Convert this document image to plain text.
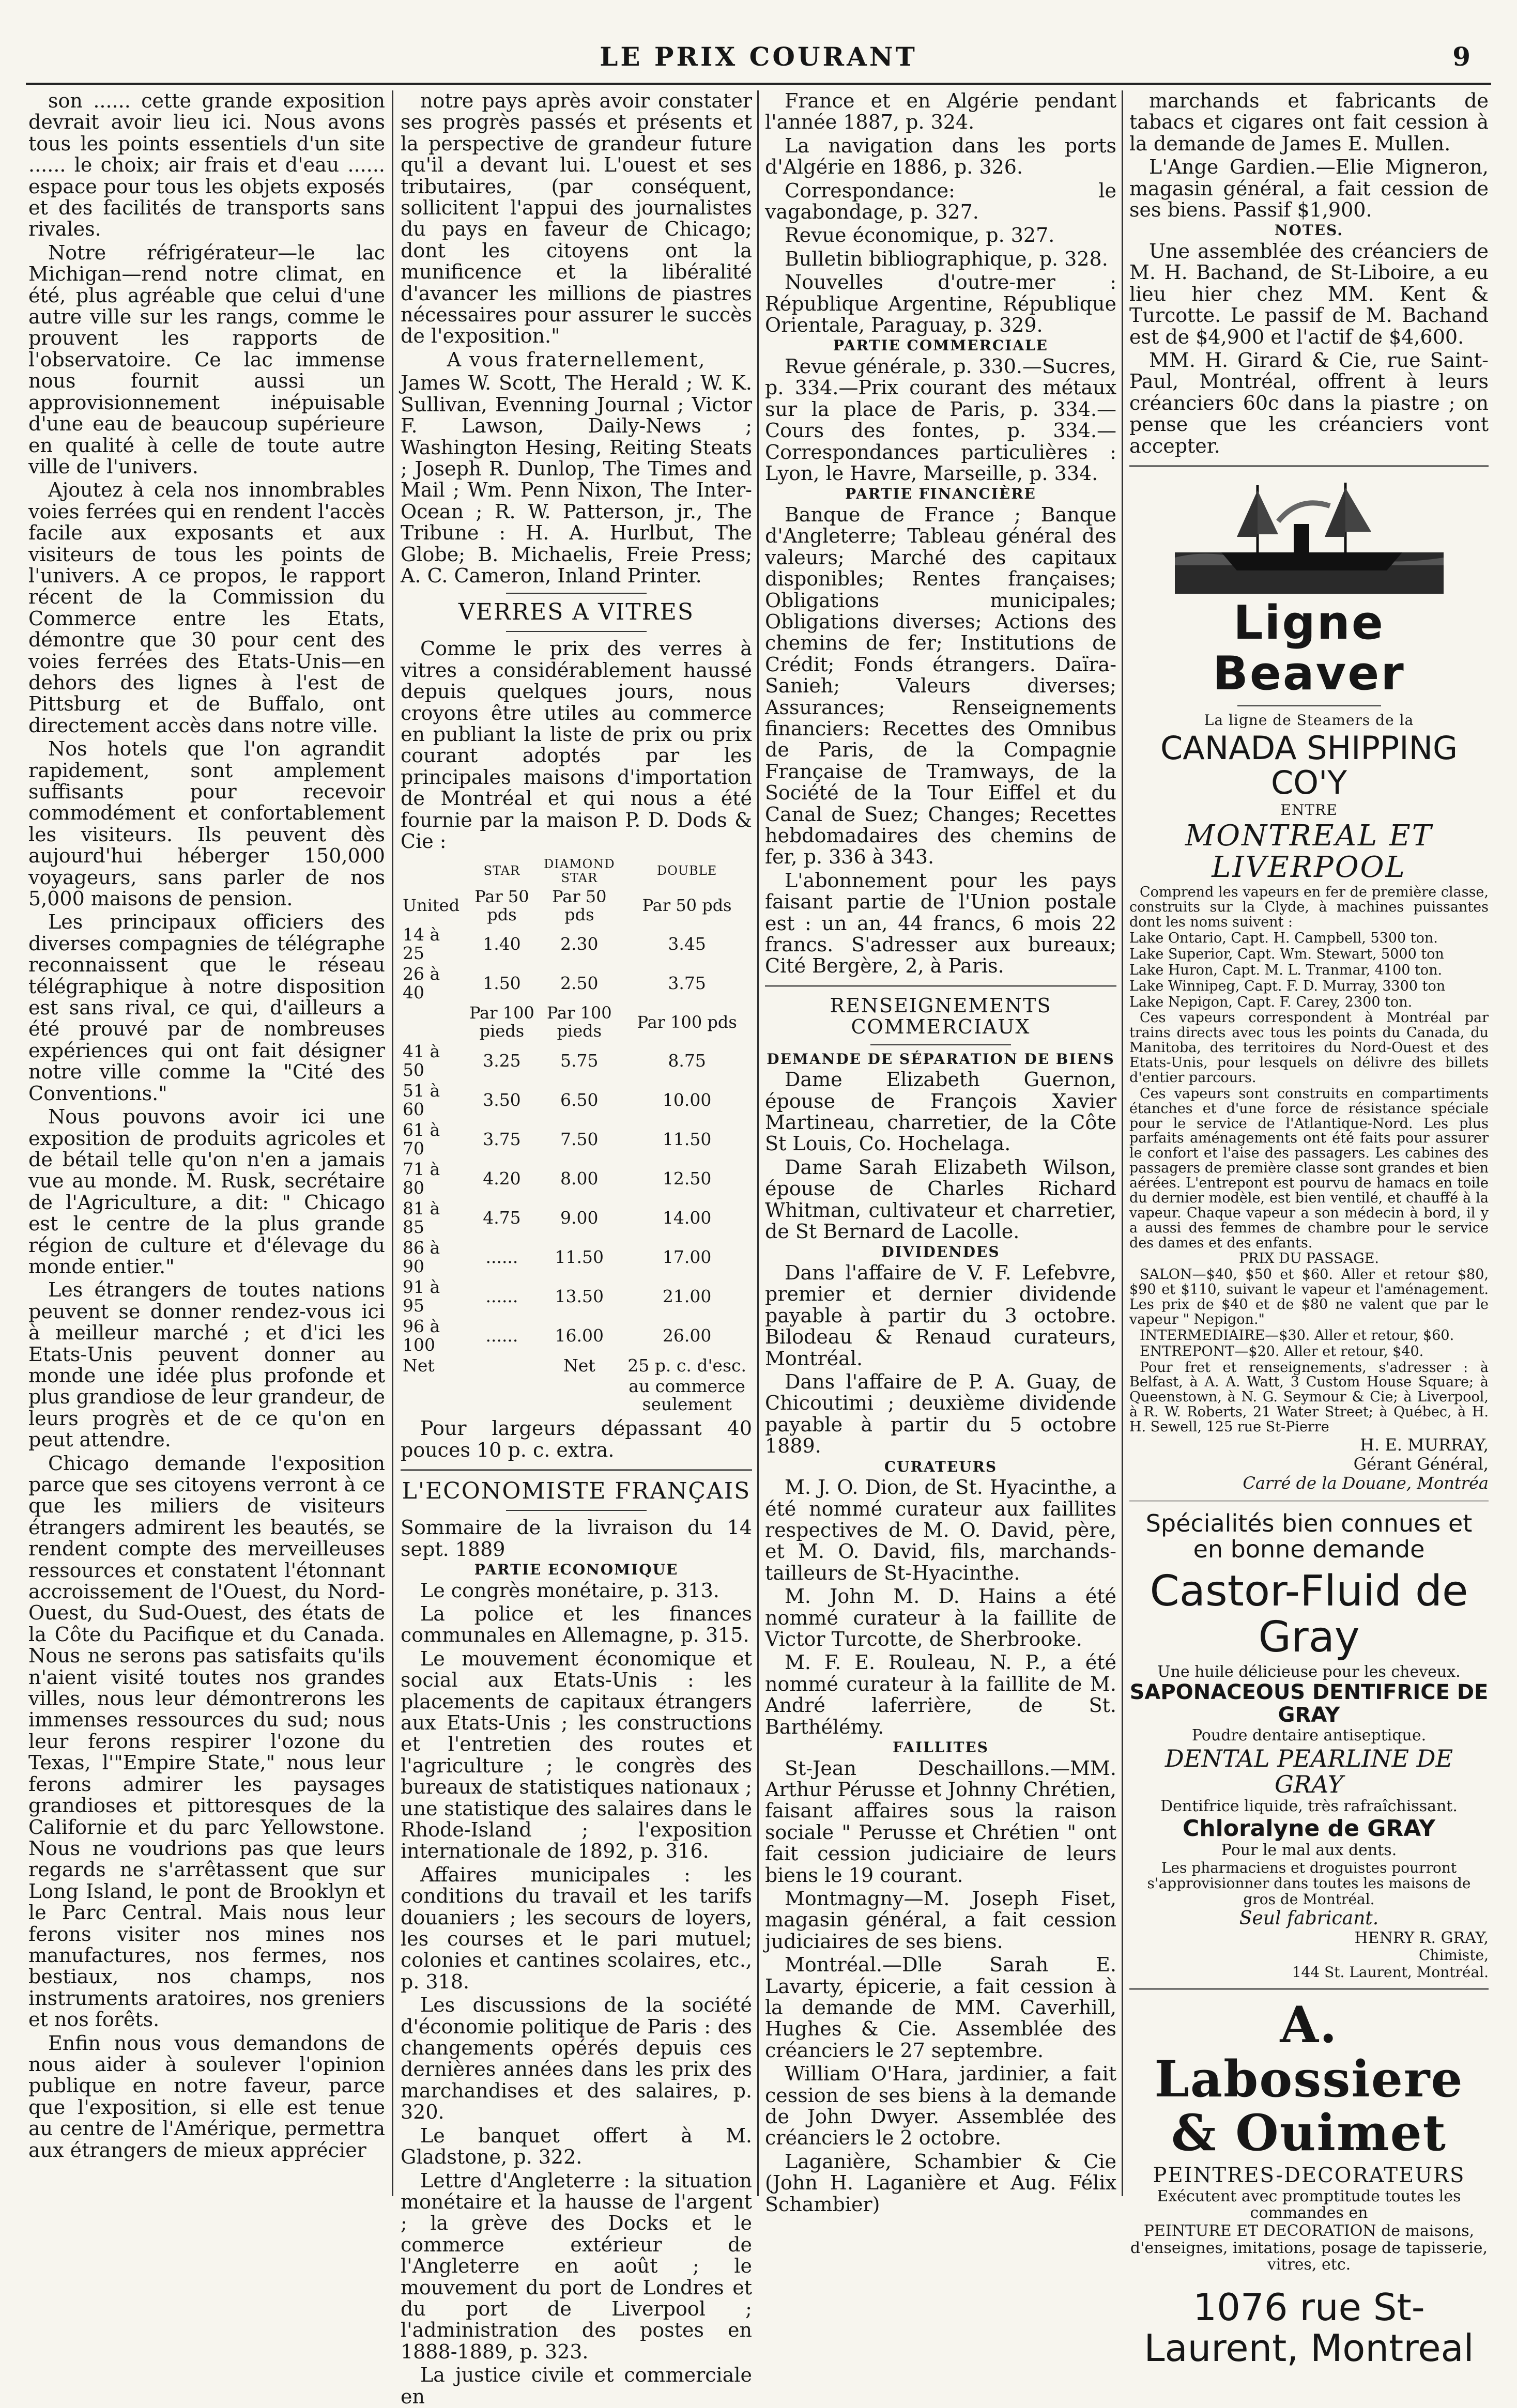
LE PRIX COURANT	9

son ...... cette grande exposition devrait avoir lieu ici. Nous avons tous les points essentiels d'un site ...... le choix; air frais et d'eau ...... espace pour tous les objets exposés et des facilités de transports sans rivales.

Notre réfrigérateur—le lac Michigan—rend notre climat, en été, plus agréable que celui d'une autre ville sur les rangs, comme le prouvent les rapports de l'observatoire. Ce lac immense nous fournit aussi un approvisionnement inépuisable d'une eau de beaucoup supérieure en qualité à celle de toute autre ville de l'univers.

Ajoutez à cela nos innombrables voies ferrées qui en rendent l'accès facile aux exposants et aux visiteurs de tous les points de l'univers. A ce propos, le rapport récent de la Commission du Commerce entre les Etats, démontre que 30 pour cent des voies ferrées des Etats-Unis—en dehors des lignes à l'est de Pittsburg et de Buffalo, ont directement accès dans notre ville.

Nos hotels que l'on agrandit rapidement, sont amplement suffisants pour recevoir commodément et confortablement les visiteurs. Ils peuvent dès aujourd'hui héberger 150,000 voyageurs, sans parler de nos 5,000 maisons de pension.

Les principaux officiers des diverses compagnies de télégraphe reconnaissent que le réseau télégraphique à notre disposition est sans rival, ce qui, d'ailleurs a été prouvé par de nombreuses expériences qui ont fait désigner notre ville comme la "Cité des Conventions."

Nous pouvons avoir ici une exposition de produits agricoles et de bétail telle qu'on n'en a jamais vue au monde. M. Rusk, secrétaire de l'Agriculture, a dit: " Chicago est le centre de la plus grande région de culture et d'élevage du monde entier."

Les étrangers de toutes nations peuvent se donner rendez-vous ici à meilleur marché ; et d'ici les Etats-Unis peuvent donner au monde une idée plus profonde et plus grandiose de leur grandeur, de leurs progrès et de ce qu'on en peut attendre.

Chicago demande l'exposition parce que ses citoyens verront à ce que les miliers de visiteurs étrangers admirent les beautés, se rendent compte des merveilleuses ressources et constatent l'étonnant accroissement de l'Ouest, du Nord-Ouest, du Sud-Ouest, des états de la Côte du Pacifique et du Canada. Nous ne serons pas satisfaits qu'ils n'aient visité toutes nos grandes villes, nous leur démontrerons les immenses ressources du sud; nous leur ferons respirer l'ozone du Texas, l'"Empire State," nous leur ferons admirer les paysages grandioses et pittoresques de la Californie et du parc Yellowstone. Nous ne voudrions pas que leurs regards ne s'arrêtassent que sur Long Island, le pont de Brooklyn et le Parc Central. Mais nous leur ferons visiter nos mines nos manufactures, nos fermes, nos bestiaux, nos champs, nos instruments aratoires, nos greniers et nos forêts.

Enfin nous vous demandons de nous aider à soulever l'opinion publique en notre faveur, parce que l'exposition, si elle est tenue au centre de l'Amérique, permettra aux étrangers de mieux apprécier

notre pays après avoir constater ses progrès passés et présents et la perspective de grandeur future qu'il a devant lui. L'ouest et ses tributaires, (par conséquent, sollicitent l'appui des journalistes du pays en faveur de Chicago; dont les citoyens ont la munificence et la libéralité d'avancer les millions de piastres nécessaires pour assurer le succès de l'exposition."

A vous fraternellement,

James W. Scott, The Herald ; W. K. Sullivan, Evenning Journal ; Victor F. Lawson, Daily-News ; Washington Hesing, Reiting Steats ; Joseph R. Dunlop, The Times and Mail ; Wm. Penn Nixon, The Inter-Ocean ; R. W. Patterson, jr., The Tribune : H. A. Hurlbut, The Globe; B. Michaelis, Freie Press; A. C. Cameron, Inland Printer.

VERRES A VITRES

Comme le prix des verres à vitres a considérablement haussé depuis quelques jours, nous croyons être utiles au commerce en publiant la liste de prix ou prix courant adoptés par les principales maisons d'importation de Montréal et qui nous a été fournie par la maison P. D. Dods & Cie :

	STAR	DIAMOND STAR	DOUBLE
United	Par 50 pds	Par 50 pds	Par 50 pds
14 à 25	1.40	2.30	3.45
26 à 40	1.50	2.50	3.75
	Par 100 pieds	Par 100 pieds	Par 100 pds
41 à 50	3.25	5.75	8.75
51 à 60	3.50	6.50	10.00
61 à 70	3.75	7.50	11.50
71 à 80	4.20	8.00	12.50
81 à 85	4.75	9.00	14.00
86 à 90	......	11.50	17.00
91 à 95	......	13.50	21.00
96 à 100	......	16.00	26.00
Net		Net	25 p. c. d'esc.
			au commerce seulement

Pour largeurs dépassant 40 pouces 10 p. c. extra.

L'ECONOMISTE FRANÇAIS

Sommaire de la livraison du 14 sept. 1889

PARTIE ECONOMIQUE

Le congrès monétaire, p. 313.

La police et les finances communales en Allemagne, p. 315.

Le mouvement économique et social aux Etats-Unis : les placements de capitaux étrangers aux Etats-Unis ; les constructions et l'entretien des routes et l'agriculture ; le congrès des bureaux de statistiques nationaux ; une statistique des salaires dans le Rhode-Island ; l'exposition internationale de 1892, p. 316.

Affaires municipales : les conditions du travail et les tarifs douaniers ; les secours de loyers, les courses et le pari mutuel; colonies et cantines scolaires, etc., p. 318.

Les discussions de la société d'économie politique de Paris : des changements opérés depuis ces dernières années dans les prix des marchandises et des salaires, p. 320.

Le banquet offert à M. Gladstone, p. 322.

Lettre d'Angleterre : la situation monétaire et la hausse de l'argent ; la grève des Docks et le commerce extérieur de l'Angleterre en août ; le mouvement du port de Londres et du port de Liverpool ; l'administration des postes en 1888-1889, p. 323.

La justice civile et commerciale en

France et en Algérie pendant l'année 1887, p. 324.

La navigation dans les ports d'Algérie en 1886, p. 326.

Correspondance: le vagabondage, p. 327.

Revue économique, p. 327.

Bulletin bibliographique, p. 328.

Nouvelles d'outre-mer : République Argentine, République Orientale, Paraguay, p. 329.

PARTIE COMMERCIALE

Revue générale, p. 330.—Sucres, p. 334.—Prix courant des métaux sur la place de Paris, p. 334.—Cours des fontes, p. 334.—Correspondances particulières : Lyon, le Havre, Marseille, p. 334.

PARTIE FINANCIÈRE

Banque de France ; Banque d'Angleterre; Tableau général des valeurs; Marché des capitaux disponibles; Rentes françaises; Obligations municipales; Obligations diverses; Actions des chemins de fer; Institutions de Crédit; Fonds étrangers. Daïra-Sanieh; Valeurs diverses; Assurances; Renseignements financiers: Recettes des Omnibus de Paris, de la Compagnie Française de Tramways, de la Société de la Tour Eiffel et du Canal de Suez; Changes; Recettes hebdomadaires des chemins de fer, p. 336 à 343.

L'abonnement pour les pays faisant partie de l'Union postale est : un an, 44 francs, 6 mois 22 francs. S'adresser aux bureaux; Cité Bergère, 2, à Paris.

RENSEIGNEMENTS COMMERCIAUX

DEMANDE DE SÉPARATION DE BIENS

Dame Elizabeth Guernon, épouse de François Xavier Martineau, charretier, de la Côte St Louis, Co. Hochelaga.

Dame Sarah Elizabeth Wilson, épouse de Charles Richard Whitman, cultivateur et charretier, de St Bernard de Lacolle.

DIVIDENDES

Dans l'affaire de V. F. Lefebvre, premier et dernier dividende payable à partir du 3 octobre. Bilodeau & Renaud curateurs, Montréal.

Dans l'affaire de P. A. Guay, de Chicoutimi ; deuxième dividende payable à partir du 5 octobre 1889.

CURATEURS

M. J. O. Dion, de St. Hyacinthe, a été nommé curateur aux faillites respectives de M. O. David, père, et M. O. David, fils, marchands-tailleurs de St-Hyacinthe.

M. John M. D. Hains a été nommé curateur à la faillite de Victor Turcotte, de Sherbrooke.

M. F. E. Rouleau, N. P., a été nommé curateur à la faillite de M. André laferrière, de St. Barthélémy.

FAILLITES

St-Jean Deschaillons.—MM. Arthur Pérusse et Johnny Chrétien, faisant affaires sous la raison sociale " Perusse et Chrétien " ont fait cession judiciaire de leurs biens le 19 courant.

Montmagny—M. Joseph Fiset, magasin général, a fait cession judiciaires de ses biens.

Montréal.—Dlle Sarah E. Lavarty, épicerie, a fait cession à la demande de MM. Caverhill, Hughes & Cie. Assemblée des créanciers le 27 septembre.

William O'Hara, jardinier, a fait cession de ses biens à la demande de John Dwyer. Assemblée des créanciers le 2 octobre.

Laganière, Schambier & Cie (John H. Laganière et Aug. Félix Schambier)

marchands et fabricants de tabacs et cigares ont fait cession à la demande de James E. Mullen.

L'Ange Gardien.—Elie Migneron, magasin général, a fait cession de ses biens. Passif $1,900.

NOTES.

Une assemblée des créanciers de M. H. Bachand, de St-Liboire, a eu lieu hier chez MM. Kent & Turcotte. Le passif de M. Bachand est de $4,900 et l'actif de $4,600.

MM. H. Girard & Cie, rue Saint-Paul, Montréal, offrent à leurs créanciers 60c dans la piastre ; on pense que les créanciers vont accepter.

Ligne Beaver

La ligne de Steamers de la

CANADA SHIPPING CO'Y

ENTRE

MONTREAL ET LIVERPOOL

Comprend les vapeurs en fer de première classe, construits sur la Clyde, à machines puissantes dont les noms suivent :

Lake Ontario, Capt. H. Campbell, 5300 ton.

Lake Superior, Capt. Wm. Stewart, 5000 ton

Lake Huron, Capt. M. L. Tranmar, 4100 ton.

Lake Winnipeg, Capt. F. D. Murray, 3300 ton

Lake Nepigon, Capt. F. Carey, 2300 ton.

Ces vapeurs correspondent à Montréal par trains directs avec tous les points du Canada, du Manitoba, des territoires du Nord-Ouest et des Etats-Unis, pour lesquels on délivre des billets d'entier parcours.

Ces vapeurs sont construits en compartiments étanches et d'une force de résistance spéciale pour le service de l'Atlantique-Nord. Les plus parfaits aménagements ont été faits pour assurer le confort et l'aise des passagers. Les cabines des passagers de première classe sont grandes et bien aérées. L'entrepont est pourvu de hamacs en toile du dernier modèle, est bien ventilé, et chauffé à la vapeur. Chaque vapeur a son médecin à bord, il y a aussi des femmes de chambre pour le service des dames et des enfants.

PRIX DU PASSAGE.

SALON—$40, $50 et $60. Aller et retour $80, $90 et $110, suivant le vapeur et l'aménagement. Les prix de $40 et de $80 ne valent que par le vapeur " Nepigon."

INTERMEDIAIRE—$30. Aller et retour, $60.

ENTREPONT—$20. Aller et retour, $40.

Pour fret et renseignements, s'adresser : à Belfast, à A. A. Watt, 3 Custom House Square; à Queenstown, à N. G. Seymour & Cie; à Liverpool, à R. W. Roberts, 21 Water Street; à Québec, à H. H. Sewell, 125 rue St-Pierre

H. E. MURRAY,

Gérant Général,

Carré de la Douane, Montréa

Spécialités bien connues et en bonne demande

Castor-Fluid de Gray

Une huile délicieuse pour les cheveux.

SAPONACEOUS DENTIFRICE DE GRAY

Poudre dentaire antiseptique.

DENTAL PEARLINE DE GRAY

Dentifrice liquide, très rafraîchissant.

Chloralyne de GRAY

Pour le mal aux dents.

Les pharmaciens et droguistes pourront s'approvisionner dans toutes les maisons de gros de Montréal.

Seul fabricant.

HENRY R. GRAY,

Chimiste,

144 St. Laurent, Montréal.

A. Labossiere & Ouimet

PEINTRES-DECORATEURS

Exécutent avec promptitude toutes les commandes en

PEINTURE ET DECORATION de maisons, d'enseignes, imitations, posage de tapisserie, vitres, etc.

1076 rue St-Laurent, Montreal
